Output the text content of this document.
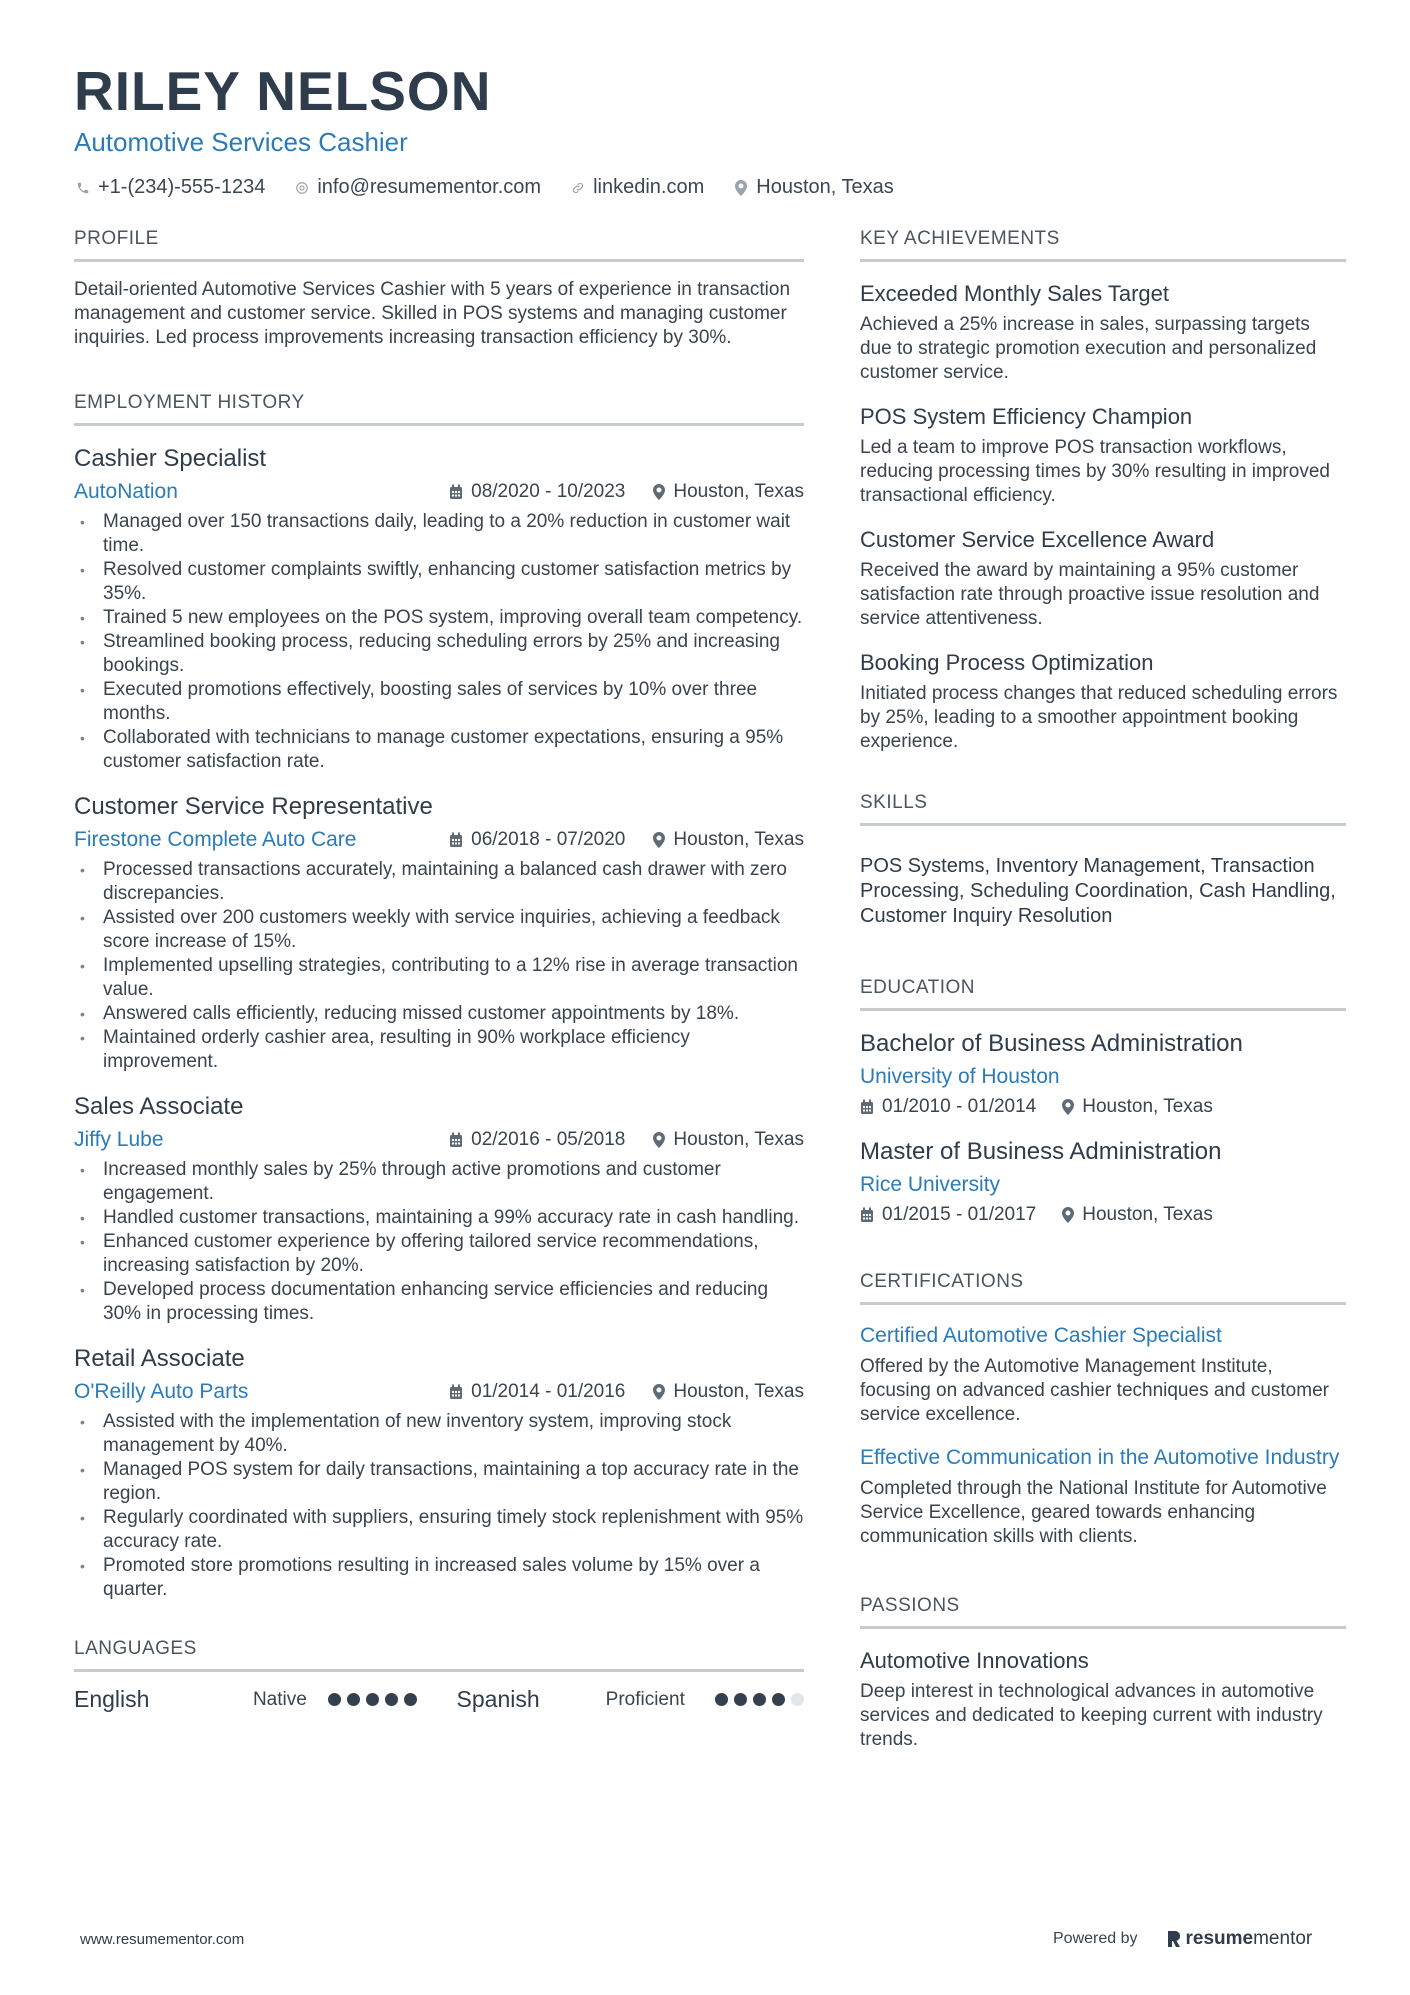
RILEY NELSON
Automotive Services Cashier
+1-(234)-555-1234	info@resumementor.com	linkedin.com	Houston, Texas
PROFILE

Detail-oriented Automotive Services Cashier with 5 years of experience in transaction management and customer service. Skilled in POS systems and managing customer inquiries. Led process improvements increasing transaction efficiency by 30%.

EMPLOYMENT HISTORY
Cashier Specialist
AutoNation	08/2020 - 10/2023	Houston, Texas
• Managed over 150 transactions daily, leading to a 20% reduction in customer wait time.
• Resolved customer complaints swiftly, enhancing customer satisfaction metrics by 35%.
• Trained 5 new employees on the POS system, improving overall team competency.
• Streamlined booking process, reducing scheduling errors by 25% and increasing bookings.
• Executed promotions effectively, boosting sales of services by 10% over three months.
• Collaborated with technicians to manage customer expectations, ensuring a 95% customer satisfaction rate.
Customer Service Representative
Firestone Complete Auto Care	06/2018 - 07/2020	Houston, Texas
• Processed transactions accurately, maintaining a balanced cash drawer with zero discrepancies.
• Assisted over 200 customers weekly with service inquiries, achieving a feedback score increase of 15%.
• Implemented upselling strategies, contributing to a 12% rise in average transaction value.
• Answered calls efficiently, reducing missed customer appointments by 18%.
• Maintained orderly cashier area, resulting in 90% workplace efficiency improvement.
Sales Associate
Jiffy Lube	02/2016 - 05/2018	Houston, Texas
• Increased monthly sales by 25% through active promotions and customer engagement.
• Handled customer transactions, maintaining a 99% accuracy rate in cash handling.
• Enhanced customer experience by offering tailored service recommendations, increasing satisfaction by 20%.
• Developed process documentation enhancing service efficiencies and reducing 30% in processing times.
Retail Associate
O'Reilly Auto Parts	01/2014 - 01/2016	Houston, Texas
• Assisted with the implementation of new inventory system, improving stock management by 40%.
• Managed POS system for daily transactions, maintaining a top accuracy rate in the region.
• Regularly coordinated with suppliers, ensuring timely stock replenishment with 95% accuracy rate.
• Promoted store promotions resulting in increased sales volume by 15% over a quarter.
LANGUAGES
English	Native	Spanish	Proficient
KEY ACHIEVEMENTS
Exceeded Monthly Sales Target

Achieved a 25% increase in sales, surpassing targets due to strategic promotion execution and personalized customer service.

POS System Efficiency Champion

Led a team to improve POS transaction workflows, reducing processing times by 30% resulting in improved transactional efficiency.

Customer Service Excellence Award

Received the award by maintaining a 95% customer satisfaction rate through proactive issue resolution and service attentiveness.

Booking Process Optimization

Initiated process changes that reduced scheduling errors by 25%, leading to a smoother appointment booking experience.

SKILLS

POS Systems, Inventory Management, Transaction Processing, Scheduling Coordination, Cash Handling, Customer Inquiry Resolution

EDUCATION
Bachelor of Business Administration
University of Houston
01/2010 - 01/2014 Houston, Texas
Master of Business Administration
Rice University
01/2015 - 01/2017 Houston, Texas
CERTIFICATIONS
Certified Automotive Cashier Specialist

Offered by the Automotive Management Institute, focusing on advanced cashier techniques and customer service excellence.

Effective Communication in the Automotive Industry

Completed through the National Institute for Automotive Service Excellence, geared towards enhancing communication skills with clients.

PASSIONS
Automotive Innovations

Deep interest in technological advances in automotive services and dedicated to keeping current with industry trends.

www.resumementor.com	Powered by	resume mentor
